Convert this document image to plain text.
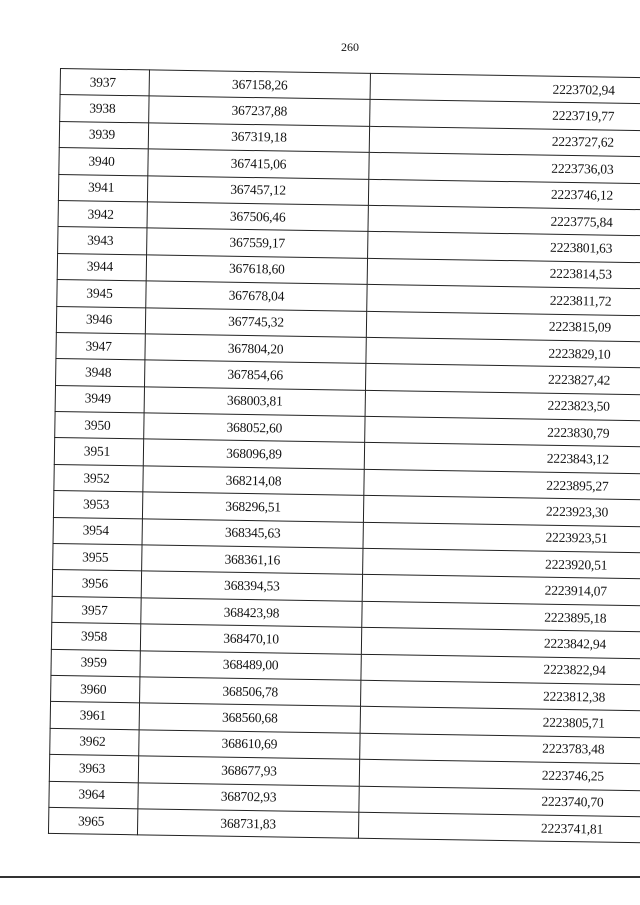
260
3937	367158,26	2223702,94
3938	367237,88	2223719,77
3939	367319,18	2223727,62
3940	367415,06	2223736,03
3941	367457,12	2223746,12
3942	367506,46	2223775,84
3943	367559,17	2223801,63
3944	367618,60	2223814,53
3945	367678,04	2223811,72
3946	367745,32	2223815,09
3947	367804,20	2223829,10
3948	367854,66	2223827,42
3949	368003,81	2223823,50
3950	368052,60	2223830,79
3951	368096,89	2223843,12
3952	368214,08	2223895,27
3953	368296,51	2223923,30
3954	368345,63	2223923,51
3955	368361,16	2223920,51
3956	368394,53	2223914,07
3957	368423,98	2223895,18
3958	368470,10	2223842,94
3959	368489,00	2223822,94
3960	368506,78	2223812,38
3961	368560,68	2223805,71
3962	368610,69	2223783,48
3963	368677,93	2223746,25
3964	368702,93	2223740,70
3965	368731,83	2223741,81
